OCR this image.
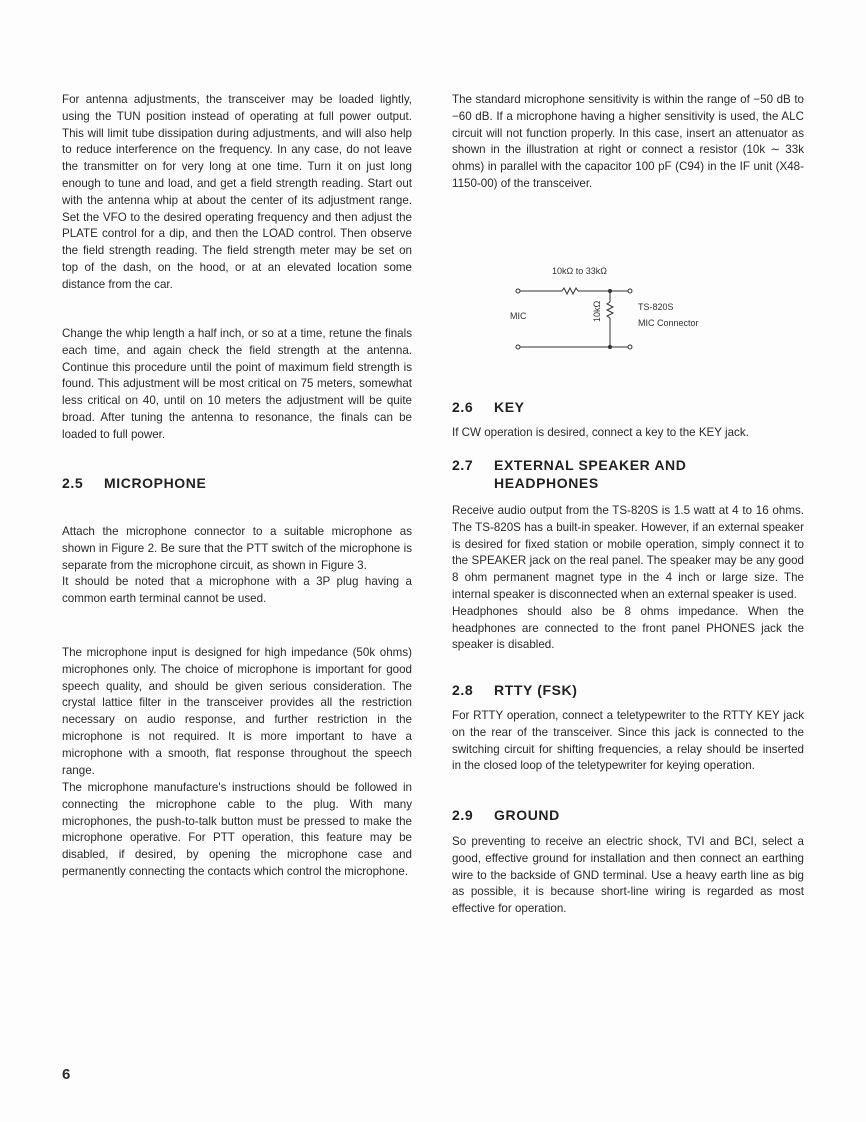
For antenna adjustments, the transceiver may be loaded lightly, using the TUN position instead of operating at full power output. This will limit tube dissipation during adjustments, and will also help to reduce interference on the frequency. In any case, do not leave the transmitter on for very long at one time. Turn it on just long enough to tune and load, and get a field strength reading. Start out with the antenna whip at about the center of its adjustment range. Set the VFO to the desired operating frequency and then adjust the PLATE control for a dip, and then the LOAD control. Then observe the field strength reading. The field strength meter may be set on top of the dash, on the hood, or at an elevated location some distance from the car.

Change the whip length a half inch, or so at a time, retune the finals each time, and again check the field strength at the antenna. Continue this procedure until the point of maximum field strength is found. This adjustment will be most critical on 75 meters, somewhat less critical on 40, until on 10 meters the adjustment will be quite broad. After tuning the antenna to resonance, the finals can be loaded to full power.

2.5 MICROPHONE
Attach the microphone connector to a suitable microphone as shown in Figure 2. Be sure that the PTT switch of the microphone is separate from the microphone circuit, as shown in Figure 3.
It should be noted that a microphone with a 3P plug having a common earth terminal cannot be used.

The microphone input is designed for high impedance (50k ohms) microphones only. The choice of microphone is important for good speech quality, and should be given serious consideration. The crystal lattice filter in the transceiver provides all the restriction necessary on audio response, and further restriction in the microphone is not required. It is more important to have a microphone with a smooth, flat response throughout the speech range.

The microphone manufacture's instructions should be followed in connecting the microphone cable to the plug. With many microphones, the push-to-talk button must be pressed to make the microphone operative. For PTT operation, this feature may be disabled, if desired, by opening the microphone case and permanently connecting the contacts which control the microphone.

The standard microphone sensitivity is within the range of −50 dB to −60 dB. If a microphone having a higher sensitivity is used, the ALC circuit will not function properly. In this case, insert an attenuator as shown in the illustration at right or connect a resistor (10k ∼ 33k ohms) in parallel with the capacitor 100 pF (C94) in the IF unit (X48-1150-00) of the transceiver.

10kΩ to 33kΩ
10kΩ
MIC
TS-820S
MIC Connector
2.6 KEY

If CW operation is desired, connect a key to the KEY jack.

2.7 EXTERNAL SPEAKER AND
HEADPHONES
Receive audio output from the TS-820S is 1.5 watt at 4 to 16 ohms. The TS-820S has a built-in speaker. However, if an external speaker is desired for fixed station or mobile operation, simply connect it to the SPEAKER jack on the real panel. The speaker may be any good 8 ohm permanent magnet type in the 4 inch or large size. The internal speaker is disconnected when an external speaker is used.
Headphones should also be 8 ohms impedance. When the headphones are connected to the front panel PHONES jack the speaker is disabled.
2.8 RTTY (FSK)

For RTTY operation, connect a teletypewriter to the RTTY KEY jack on the rear of the transceiver. Since this jack is connected to the switching circuit for shifting frequencies, a relay should be inserted in the closed loop of the teletypewriter for keying operation.

2.9 GROUND

So preventing to receive an electric shock, TVI and BCI, select a good, effective ground for installation and then connect an earthing wire to the backside of GND terminal. Use a heavy earth line as big as possible, it is because short-line wiring is regarded as most effective for operation.

6
